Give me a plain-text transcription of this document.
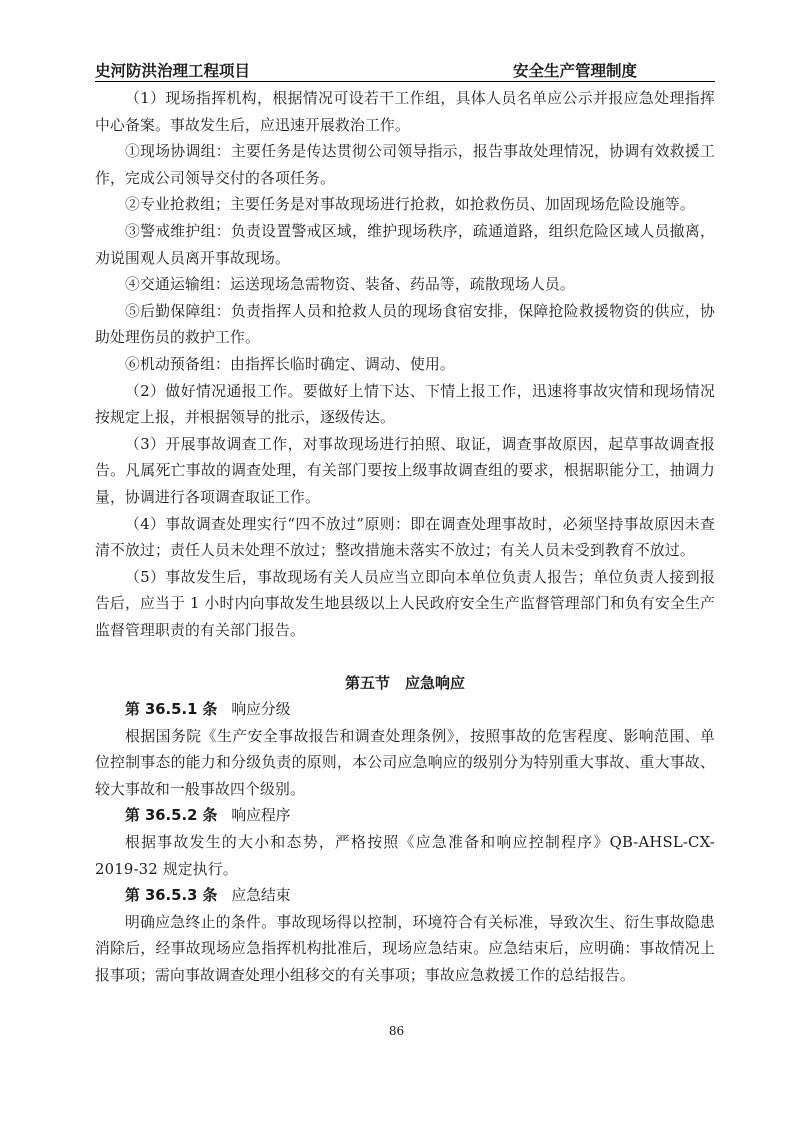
史河防洪治理工程项目	安全生产管理制度

（1）现场指挥机构，根据情况可设若干工作组，具体人员名单应公示并报应急处理指挥中心备案。事故发生后，应迅速开展救治工作。

①现场协调组：主要任务是传达贯彻公司领导指示，报告事故处理情况，协调有效救援工作，完成公司领导交付的各项任务。

②专业抢救组；主要任务是对事故现场进行抢救，如抢救伤员、加固现场危险设施等。

③警戒维护组：负责设置警戒区域，维护现场秩序，疏通道路，组织危险区域人员撤离，劝说围观人员离开事故现场。

④交通运输组：运送现场急需物资、装备、药品等，疏散现场人员。

⑤后勤保障组：负责指挥人员和抢救人员的现场食宿安排，保障抢险救援物资的供应，协助处理伤员的救护工作。

⑥机动预备组：由指挥长临时确定、调动、使用。

（2）做好情况通报工作。要做好上情下达、下情上报工作，迅速将事故灾情和现场情况按规定上报，并根据领导的批示，逐级传达。

（3）开展事故调查工作，对事故现场进行拍照、取证，调查事故原因，起草事故调查报告。凡属死亡事故的调查处理，有关部门要按上级事故调查组的要求，根据职能分工，抽调力量，协调进行各项调查取证工作。

（4）事故调查处理实行“四不放过”原则：即在调查处理事故时，必须坚持事故原因未查清不放过；责任人员未处理不放过；整改措施未落实不放过；有关人员未受到教育不放过。

（5）事故发生后，事故现场有关人员应当立即向本单位负责人报告；单位负责人接到报告后，应当于 1 小时内向事故发生地县级以上人民政府安全生产监督管理部门和负有安全生产监督管理职责的有关部门报告。

第五节　应急响应
第 36.5.1 条 响应分级

根据国务院《生产安全事故报告和调查处理条例》，按照事故的危害程度、影响范围、单位控制事态的能力和分级负责的原则，本公司应急响应的级别分为特别重大事故、重大事故、较大事故和一般事故四个级别。

第 36.5.2 条 响应程序

根据事故发生的大小和态势，严格按照《应急准备和响应控制程序》QB-AHSL-CX-2019-32 规定执行。

第 36.5.3 条 应急结束

明确应急终止的条件。事故现场得以控制，环境符合有关标准，导致次生、衍生事故隐患消除后，经事故现场应急指挥机构批准后，现场应急结束。应急结束后，应明确：事故情况上报事项；需向事故调查处理小组移交的有关事项；事故应急救援工作的总结报告。

86
